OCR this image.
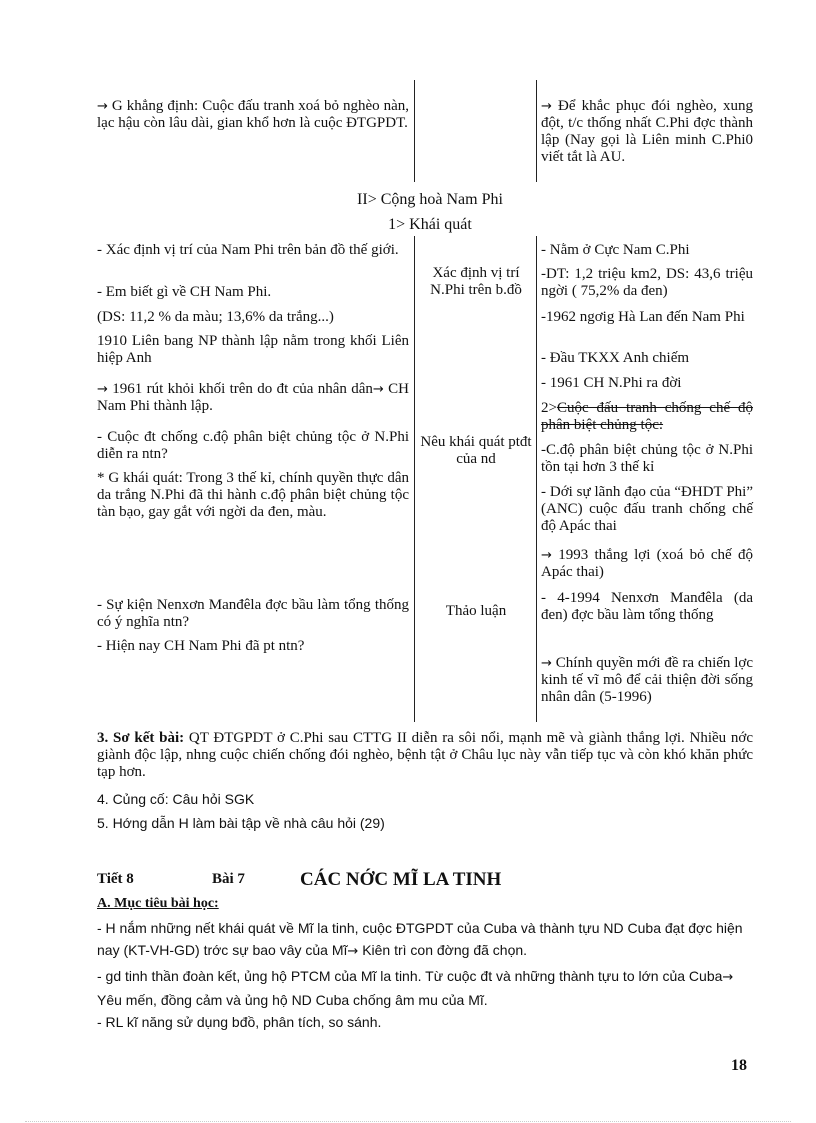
→ G khẳng định: Cuộc đấu tranh xoá bỏ nghèo nàn, lạc hậu còn lâu dài, gian khổ hơn là cuộc ĐTGPDT.

→ Để khắc phục đói nghèo, xung đột, t/c thống nhất C.Phi đợc thành lập (Nay gọi là Liên minh C.Phi0 viết tắt là AU.

II> Cộng hoà Nam Phi
1> Khái quát
- Xác định vị trí của Nam Phi trên bản đồ thế giới.
- Em biết gì về CH Nam Phi.
(DS: 11,2 % da màu; 13,6% da trắng...)
1910 Liên bang NP thành lập nằm trong khối Liên hiệp Anh
→ 1961 rút khỏi khối trên do đt của nhân dân→ CH Nam Phi thành lập.
- Cuộc đt chống c.độ phân biệt chủng tộc ở N.Phi diễn ra ntn?
* G khái quát: Trong 3 thế kỉ, chính quyền thực dân da trắng N.Phi đã thi hành c.độ phân biệt chủng tộc tàn bạo, gay gắt với ngời da đen, màu.
- Sự kiện Nenxơn Manđêla đợc bầu làm tổng thống có ý nghĩa ntn?
- Hiện nay CH Nam Phi đã pt ntn?
Xác định vị trí N.Phi trên b.đồ
Nêu khái quát ptđt của nd
Thảo luận
- Nằm ở Cực Nam C.Phi
-DT: 1,2 triệu km2, DS: 43,6 triệu ngời ( 75,2% da đen)
-1962 ngơig Hà Lan đến Nam Phi
- Đầu TKXX Anh chiếm
- 1961 CH N.Phi ra đời
2>Cuộc đấu tranh chống chế độ phân biệt chủng tộc:
-C.độ phân biệt chủng tộc ở N.Phi tồn tại hơn 3 thế kỉ
- Dới sự lãnh đạo của “ĐHDT Phi” (ANC) cuộc đấu tranh chống chế độ Apác thai
→ 1993 thắng lợi (xoá bỏ chế độ Apác thai)
- 4-1994 Nenxơn Manđêla (da đen) đợc bầu làm tổng thống
→ Chính quyền mới đề ra chiến lợc kinh tế vĩ mô để cải thiện đời sống nhân dân (5-1996)
3. Sơ kết bài: QT ĐTGPDT ở C.Phi sau CTTG II diễn ra sôi nổi, mạnh mẽ và giành thắng lợi. Nhiều nớc giành độc lập, nhng cuộc chiến chống đói nghèo, bệnh tật ở Châu lục này vẫn tiếp tục và còn khó khăn phức tạp hơn.
4. Củng cố: Câu hỏi SGK
5. Hớng dẫn H làm bài tập về nhà câu hỏi (29)
Tiết 8	Bài 7	CÁC NỚC MĨ LA TINH
A. Mục tiêu bài học:
- H nắm những nết khái quát về Mĩ la tinh, cuộc ĐTGPDT của Cuba và thành tựu ND Cuba đạt đợc hiện nay (KT-VH-GD) trớc sự bao vây của Mĩ→ Kiên trì con đờng đã chọn.
- gd tinh thần đoàn kết, ủng hộ PTCM của Mĩ la tinh. Từ cuộc đt và những thành tựu to lớn của Cuba→ Yêu mến, đồng cảm và ủng hộ ND Cuba chống âm mu của Mĩ.
- RL kĩ năng sử dụng bđồ, phân tích, so sánh.
18
